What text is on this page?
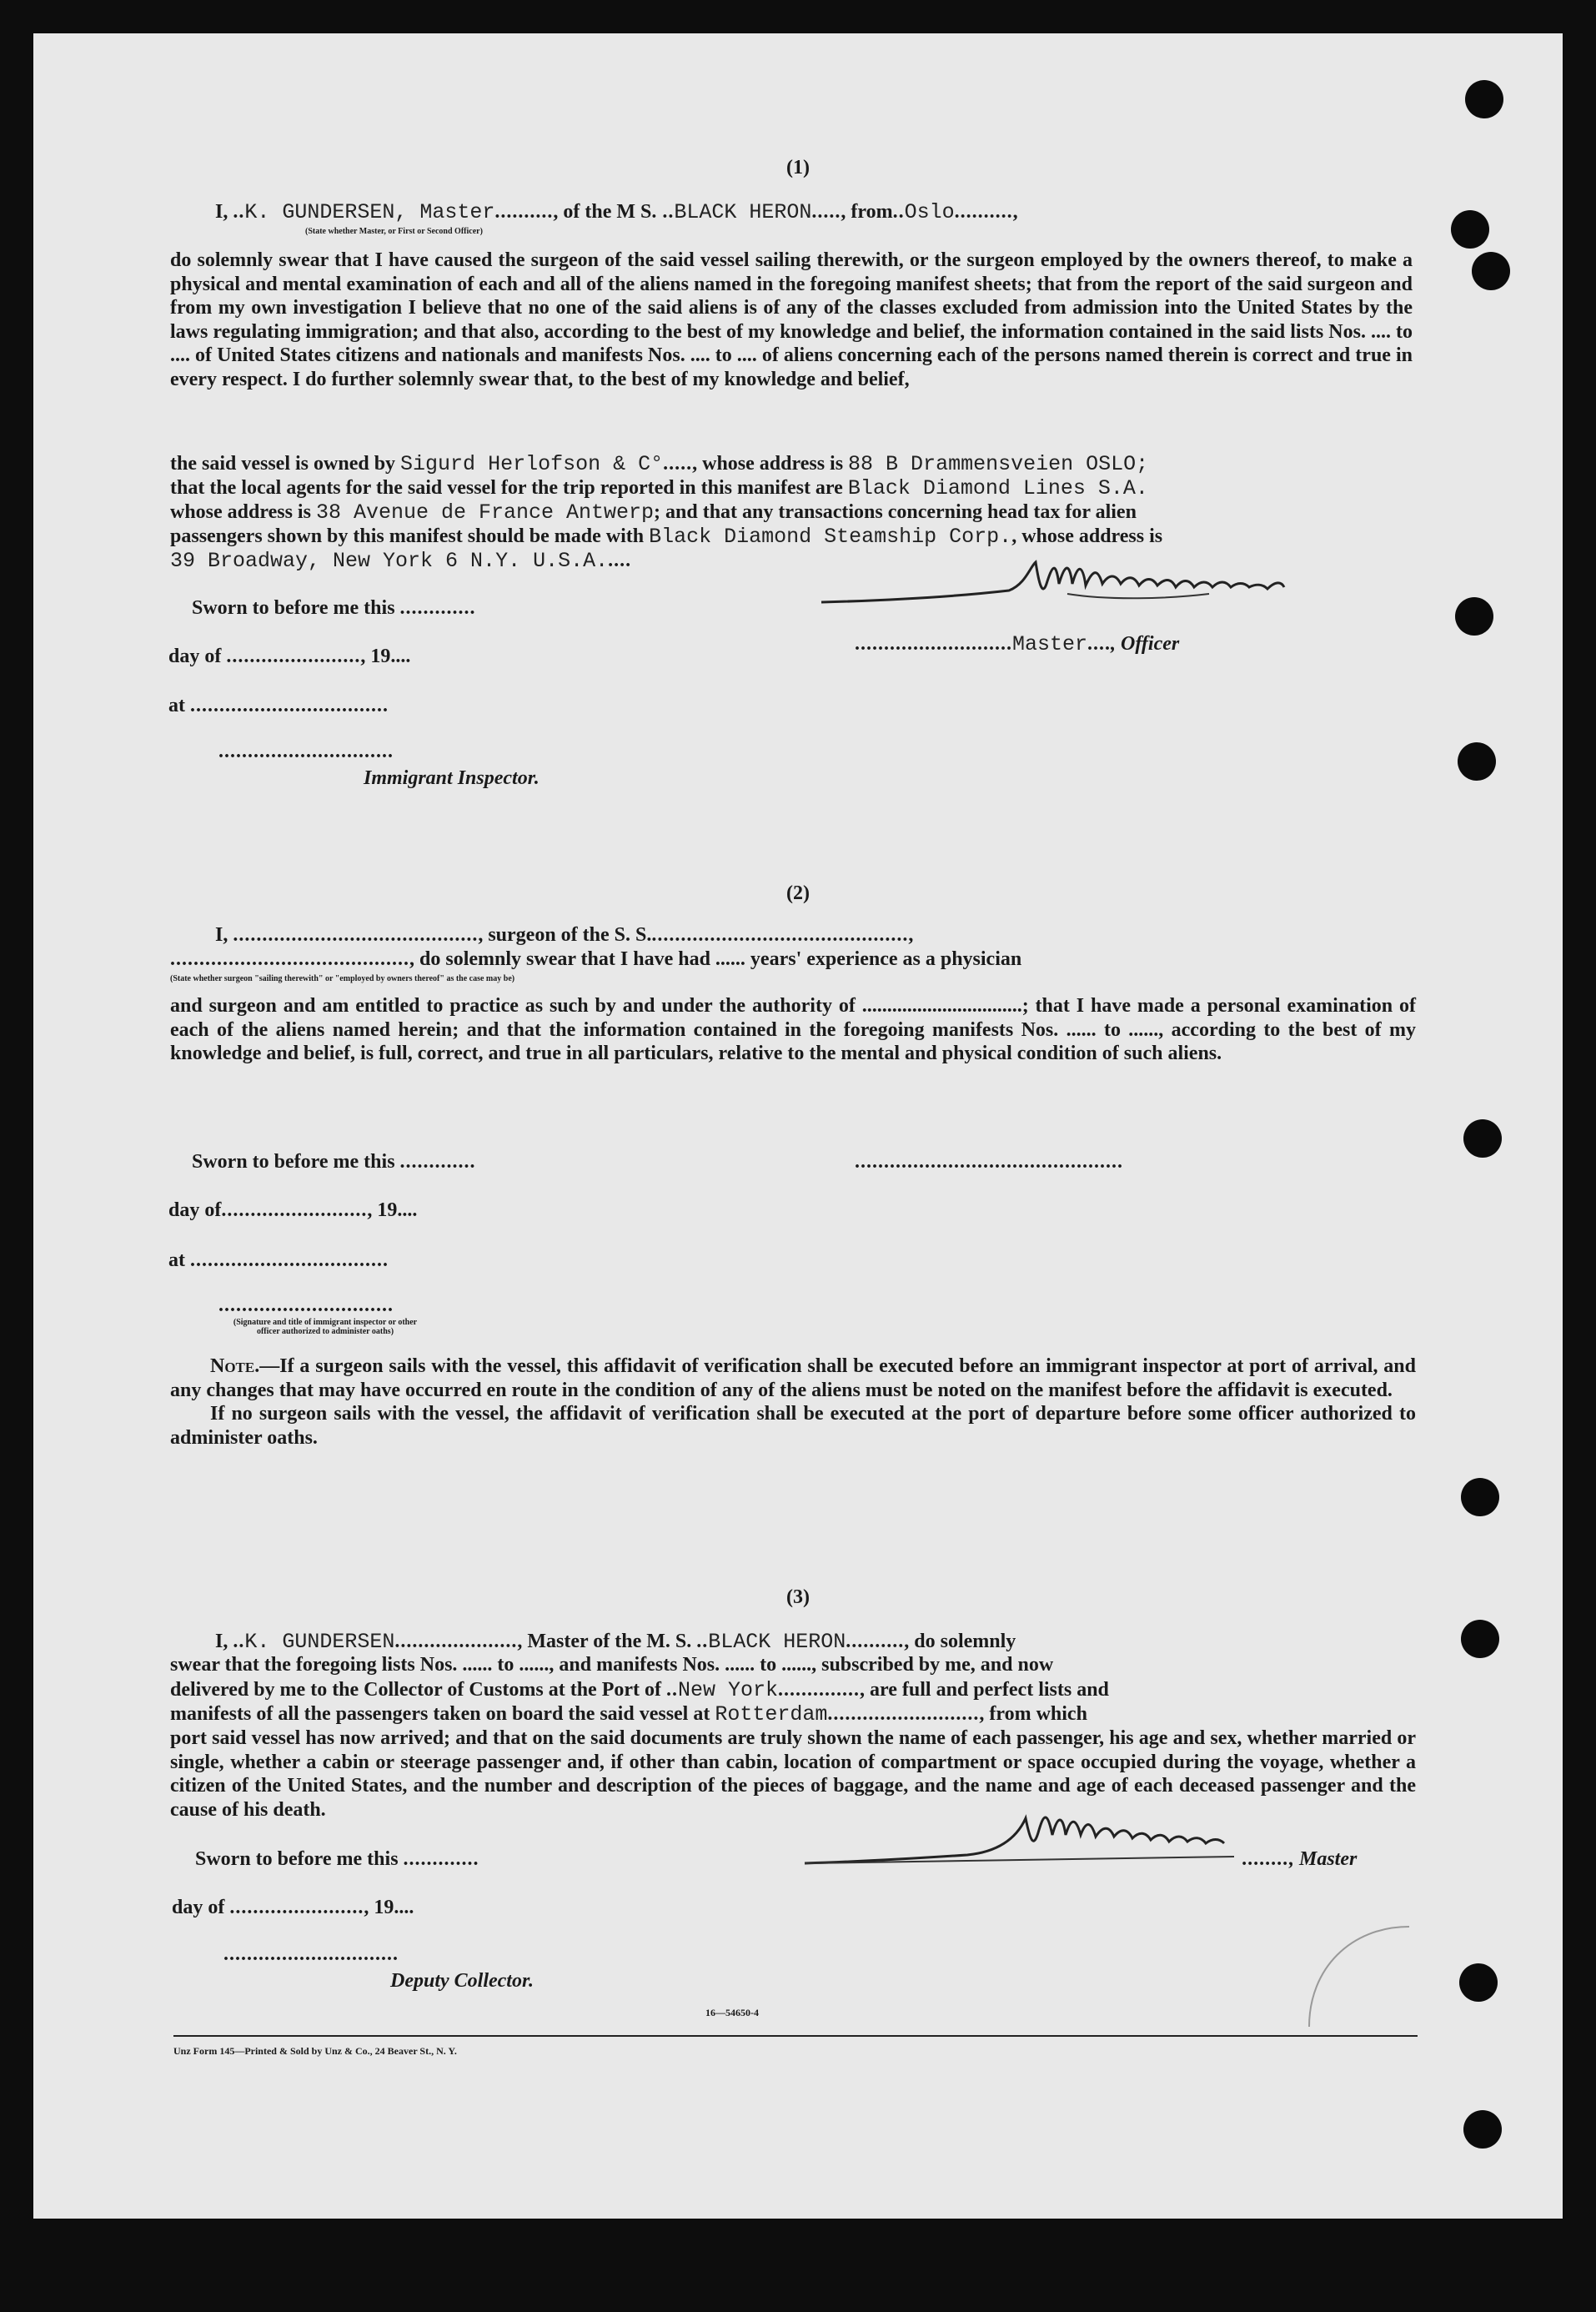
(1)
I, ..K. GUNDERSEN, Master.........., of the M S. ..BLACK HERON....., from..Oslo..........,
(State whether Master, or First or Second Officer)
do solemnly swear that I have caused the surgeon of the said vessel sailing therewith, or the surgeon employed by the owners thereof, to make a physical and mental examination of each and all of the aliens named in the foregoing manifest sheets; that from the report of the said surgeon and from my own investigation I believe that no one of the said aliens is of any of the classes excluded from admission into the United States by the laws regulating immigration; and that also, according to the best of my knowledge and belief, the information contained in the said lists Nos. .... to .... of United States citizens and nationals and manifests Nos. .... to .... of aliens concerning each of the persons named therein is correct and true in every respect. I do further solemnly swear that, to the best of my knowledge and belief,
the said vessel is owned by Sigurd Herlofson & C°....., whose address is 88 B Drammensveien OSLO;
that the local agents for the said vessel for the trip reported in this manifest are Black Diamond Lines S.A.
whose address is 38 Avenue de France Antwerp; and that any transactions concerning head tax for alien
passengers shown by this manifest should be made with Black Diamond Steamship Corp., whose address is
39 Broadway, New York 6 N.Y. U.S.A.....
Sworn to before me this .............
day of ......................., 19....
at ..................................
..............................
Immigrant Inspector.
...........................Master...., Officer
(2)
I, .........................................., surgeon of the S. S.............................................,
........................................., do solemnly swear that I have had ...... years' experience as a physician
(State whether surgeon "sailing therewith" or "employed by owners thereof" as the case may be)
and surgeon and am entitled to practice as such by and under the authority of ................................; that I have made a personal examination of each of the aliens named herein; and that the information contained in the foregoing manifests Nos. ...... to ......, according to the best of my knowledge and belief, is full, correct, and true in all particulars, relative to the mental and physical condition of such aliens.
Sworn to before me this .............	..............................................
day of........................., 19....
at ..................................
..............................
(Signature and title of immigrant inspector or other officer authorized to administer oaths)

Note.—If a surgeon sails with the vessel, this affidavit of verification shall be executed before an immigrant inspector at port of arrival, and any changes that may have occurred en route in the condition of any of the aliens must be noted on the manifest before the affidavit is executed.

If no surgeon sails with the vessel, the affidavit of verification shall be executed at the port of departure before some officer authorized to administer oaths.

(3)
I, ..K. GUNDERSEN....................., Master of the M. S. ..BLACK HERON.........., do solemnly
swear that the foregoing lists Nos. ...... to ......, and manifests Nos. ...... to ......, subscribed by me, and now
delivered by me to the Collector of Customs at the Port of ..New York.............., are full and perfect lists and
manifests of all the passengers taken on board the said vessel at Rotterdam.........................., from which
port said vessel has now arrived; and that on the said documents are truly shown the name of each passenger, his age and sex, whether married or single, whether a cabin or steerage passenger and, if other than cabin, location of compartment or space occupied during the voyage, whether a citizen of the United States, and the number and description of the pieces of baggage, and the name and age of each deceased passenger and the cause of his death.
Sworn to before me this .............	........, Master
day of ......................., 19....
..............................
Deputy Collector.
16—54650-4
Unz Form 145—Printed & Sold by Unz & Co., 24 Beaver St., N. Y.
